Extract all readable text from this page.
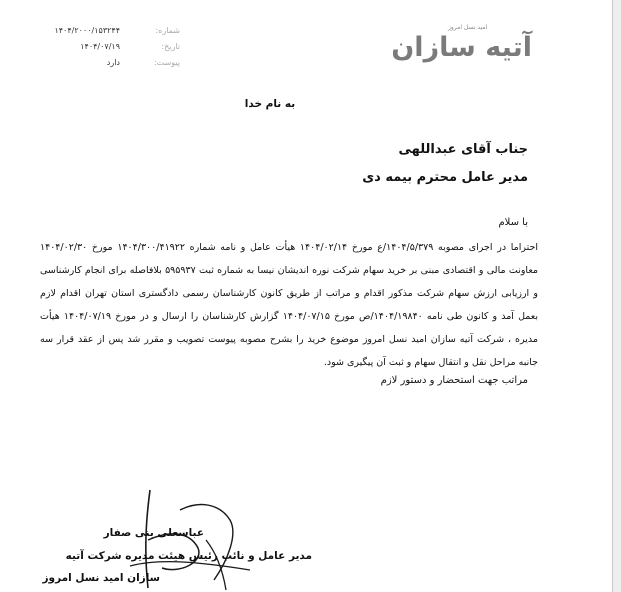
امید نسل امروز
آتیه سازان
شماره:
۱۴۰۴/۲۰۰۰/۱۵۳۲۴۴
تاریخ:
۱۴۰۴/۰۷/۱۹
پیوست:
دارد
به نام خدا
جناب آقای عبداللهی
مدیر عامل محترم بیمه دی
با سلام
احتراما در اجرای مصوبه ۱۴۰۴/۵/۳۷۹/ع مورخ ۱۴۰۴/۰۲/۱۴ هیأت عامل و نامه شماره ۱۴۰۴/۳۰۰/۴۱۹۲۲ مورخ ۱۴۰۴/۰۲/۳۰ معاونت مالی و اقتصادی مبنی بر خرید سهام شرکت نوره اندیشان نیسا به شماره ثبت ۵۹۵۹۳۷ بلافاصله برای انجام کارشناسی و ارزیابی ارزش سهام شرکت مذکور اقدام و مراتب از طریق کانون کارشناسان رسمی دادگستری استان تهران اقدام لازم بعمل آمد و کانون طی نامه ۱۴۰۴/۱۹۸۴۰/ص مورخ ۱۴۰۴/۰۷/۱۵ گزارش کارشناسان را ارسال و در مورخ ۱۴۰۴/۰۷/۱۹ هیأت مدیره ، شرکت آتیه سازان امید نسل امروز موضوع خرید را بشرح مصوبه پیوست تصویب و مقرر شد پس از عقد قرار سه جانبه مراحل نقل و انتقال سهام و ثبت آن پیگیری شود.
مراتب جهت استحضار و دستور لازم
عباسعلی بنی صفار
مدیر عامل و نائب رئیس هیئت مدیره شرکت آتیه
سازان امید نسل امروز
